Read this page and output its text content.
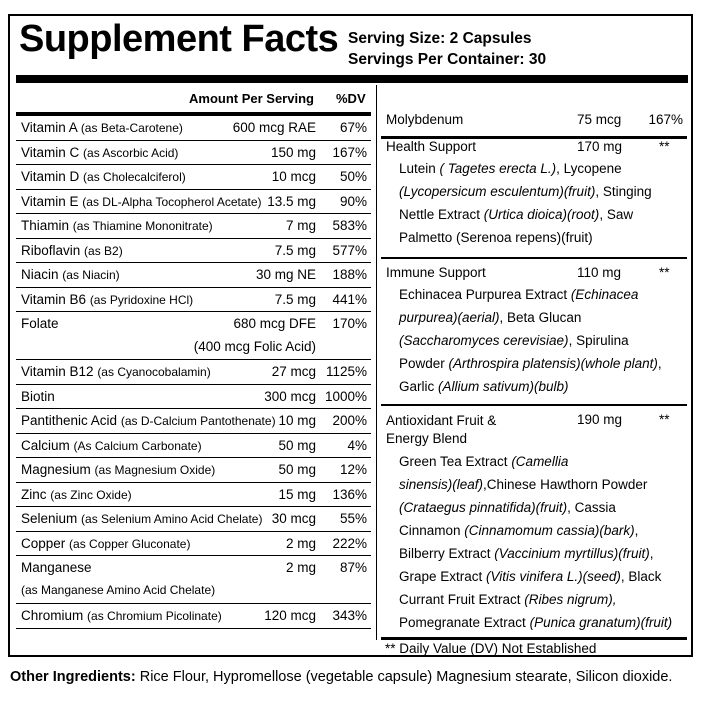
Supplement Facts Serving Size: 2 Capsules
Servings Per Container: 30
Amount Per Serving %DV
Vitamin A (as Beta-Carotene)	600 mcg RAE 67%
Vitamin C (as Ascorbic Acid)	150 mg 167%
Vitamin D (as Cholecalciferol)	10 mcg 50%
Vitamin E (as DL-Alpha Tocopherol Acetate) 13.5 mg 90%
Thiamin (as Thiamine Mononitrate)	7 mg 583%
Riboflavin (as B2)	7.5 mg 577%
Niacin (as Niacin)	30 mg NE 188%
Vitamin B6 (as Pyridoxine HCl)	7.5 mg 441%
Folate	680 mcg DFE 170%
(400 mcg Folic Acid)
Vitamin B12 (as Cyanocobalamin)	27 mcg 1125%
Biotin	300 mcg 1000%
Pantithenic Acid (as D-Calcium Pantothenate) 10 mg 200%
Calcium (As Calcium Carbonate)	50 mg 4%
Magnesium (as Magnesium Oxide)	50 mg 12%
Zinc (as Zinc Oxide)	15 mg 136%
Selenium (as Selenium Amino Acid Chelate) 30 mcg 55%
Copper (as Copper Gluconate)	2 mg 222%
Manganese	2 mg 87%
(as Manganese Amino Acid Chelate)
Chromium (as Chromium Picolinate)	120 mcg 343%
Molybdenum	75 mcg 167%
Health Support	170 mg	**
Lutein ( Tagetes erecta L.), Lycopene
(Lycopersicum esculentum)(fruit), Stinging
Nettle Extract (Urtica dioica)(root), Saw
Palmetto (Serenoa repens)(fruit)
Immune Support	110 mg	**
Echinacea Purpurea Extract (Echinacea
purpurea)(aerial), Beta Glucan
(Saccharomyces cerevisiae), Spirulina
Powder (Arthrospira platensis)(whole plant),
Garlic (Allium sativum)(bulb)
Antioxidant Fruit &
Energy Blend
190 mg	**
Green Tea Extract (Camellia
sinensis)(leaf),Chinese Hawthorn Powder
(Crataegus pinnatifida)(fruit), Cassia
Cinnamon (Cinnamomum cassia)(bark),
Bilberry Extract (Vaccinium myrtillus)(fruit),
Grape Extract (Vitis vinifera L.)(seed), Black
Currant Fruit Extract (Ribes nigrum),
Pomegranate Extract (Punica granatum)(fruit)
** Daily Value (DV) Not Established
Other Ingredients: Rice Flour, Hypromellose (vegetable capsule) Magnesium stearate, Silicon dioxide.
